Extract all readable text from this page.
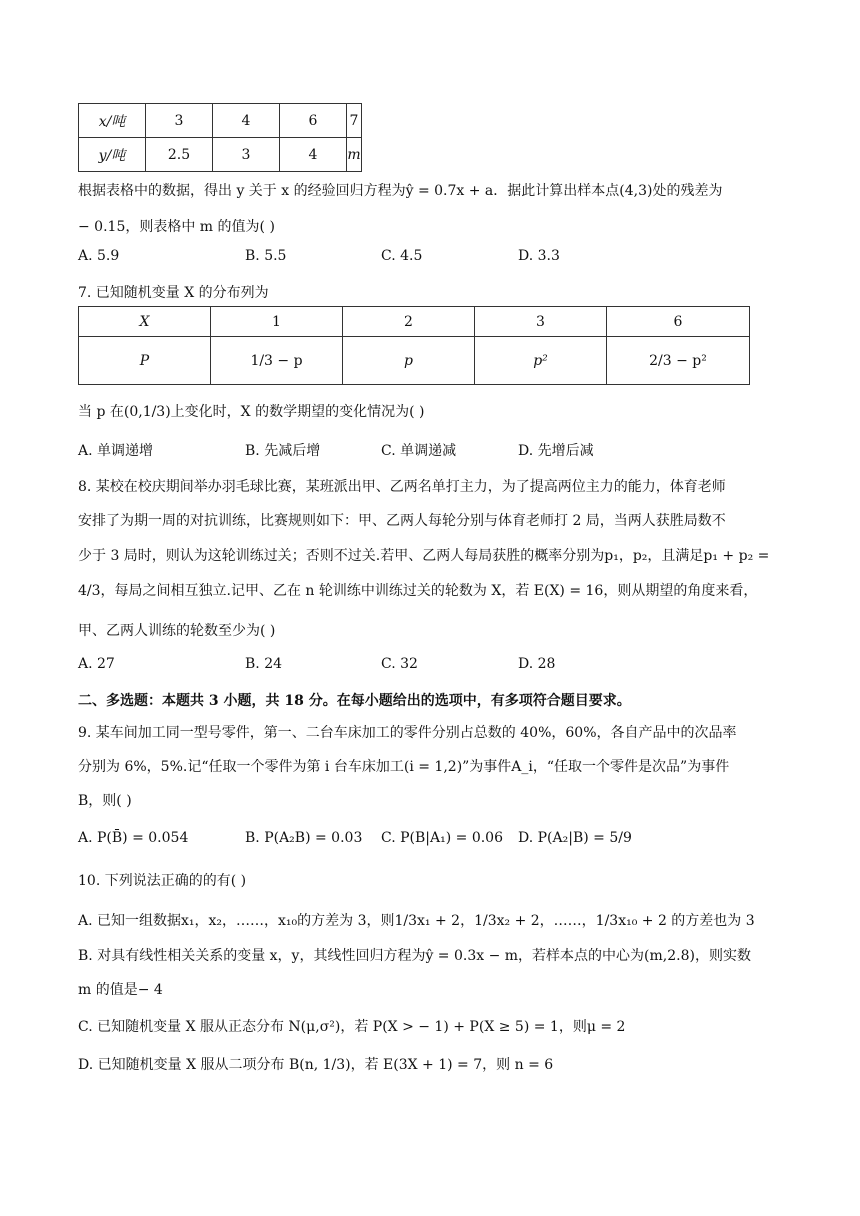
x/吨	3	4	6	7
y/吨	2.5	3	4	m
根据表格中的数据，得出 y 关于 x 的经验回归方程为ŷ = 0.7x + a．据此计算出样本点(4,3)处的残差为
− 0.15，则表格中 m 的值为( )
A. 5.9	B. 5.5	C. 4.5	D. 3.3
7. 已知随机变量 X 的分布列为
X	1	2	3	6
P	1/3 − p	p	p²	2/3 − p²
当 p 在(0,1/3)上变化时，X 的数学期望的变化情况为( )
A. 单调递增	B. 先减后增	C. 单调递减	D. 先增后减
8. 某校在校庆期间举办羽毛球比赛，某班派出甲、乙两名单打主力，为了提高两位主力的能力，体育老师
安排了为期一周的对抗训练，比赛规则如下：甲、乙两人每轮分别与体育老师打 2 局，当两人获胜局数不
少于 3 局时，则认为这轮训练过关；否则不过关.若甲、乙两人每局获胜的概率分别为p₁，p₂，且满足p₁ + p₂ =
4/3，每局之间相互独立.记甲、乙在 n 轮训练中训练过关的轮数为 X，若 E(X) = 16，则从期望的角度来看，
甲、乙两人训练的轮数至少为( )
A. 27	B. 24	C. 32	D. 28
二、多选题：本题共 3 小题，共 18 分。在每小题给出的选项中，有多项符合题目要求。
9. 某车间加工同一型号零件，第一、二台车床加工的零件分别占总数的 40%，60%，各自产品中的次品率
分别为 6%，5%.记“任取一个零件为第 i 台车床加工(i = 1,2)”为事件A_i，“任取一个零件是次品”为事件
B，则( )
A. P(B̄) = 0.054	B. P(A₂B) = 0.03 C. P(B|A₁) = 0.06 D. P(A₂|B) = 5/9
10. 下列说法正确的的有( )
A. 已知一组数据x₁，x₂，……，x₁₀的方差为 3，则1/3x₁ + 2，1/3x₂ + 2，……，1/3x₁₀ + 2 的方差也为 3
B. 对具有线性相关关系的变量 x，y，其线性回归方程为ŷ = 0.3x − m，若样本点的中心为(m,2.8)，则实数
m 的值是− 4
C. 已知随机变量 X 服从正态分布 N(μ,σ²)，若 P(X > − 1) + P(X ≥ 5) = 1，则μ = 2
D. 已知随机变量 X 服从二项分布 B(n, 1/3)，若 E(3X + 1) = 7，则 n = 6
